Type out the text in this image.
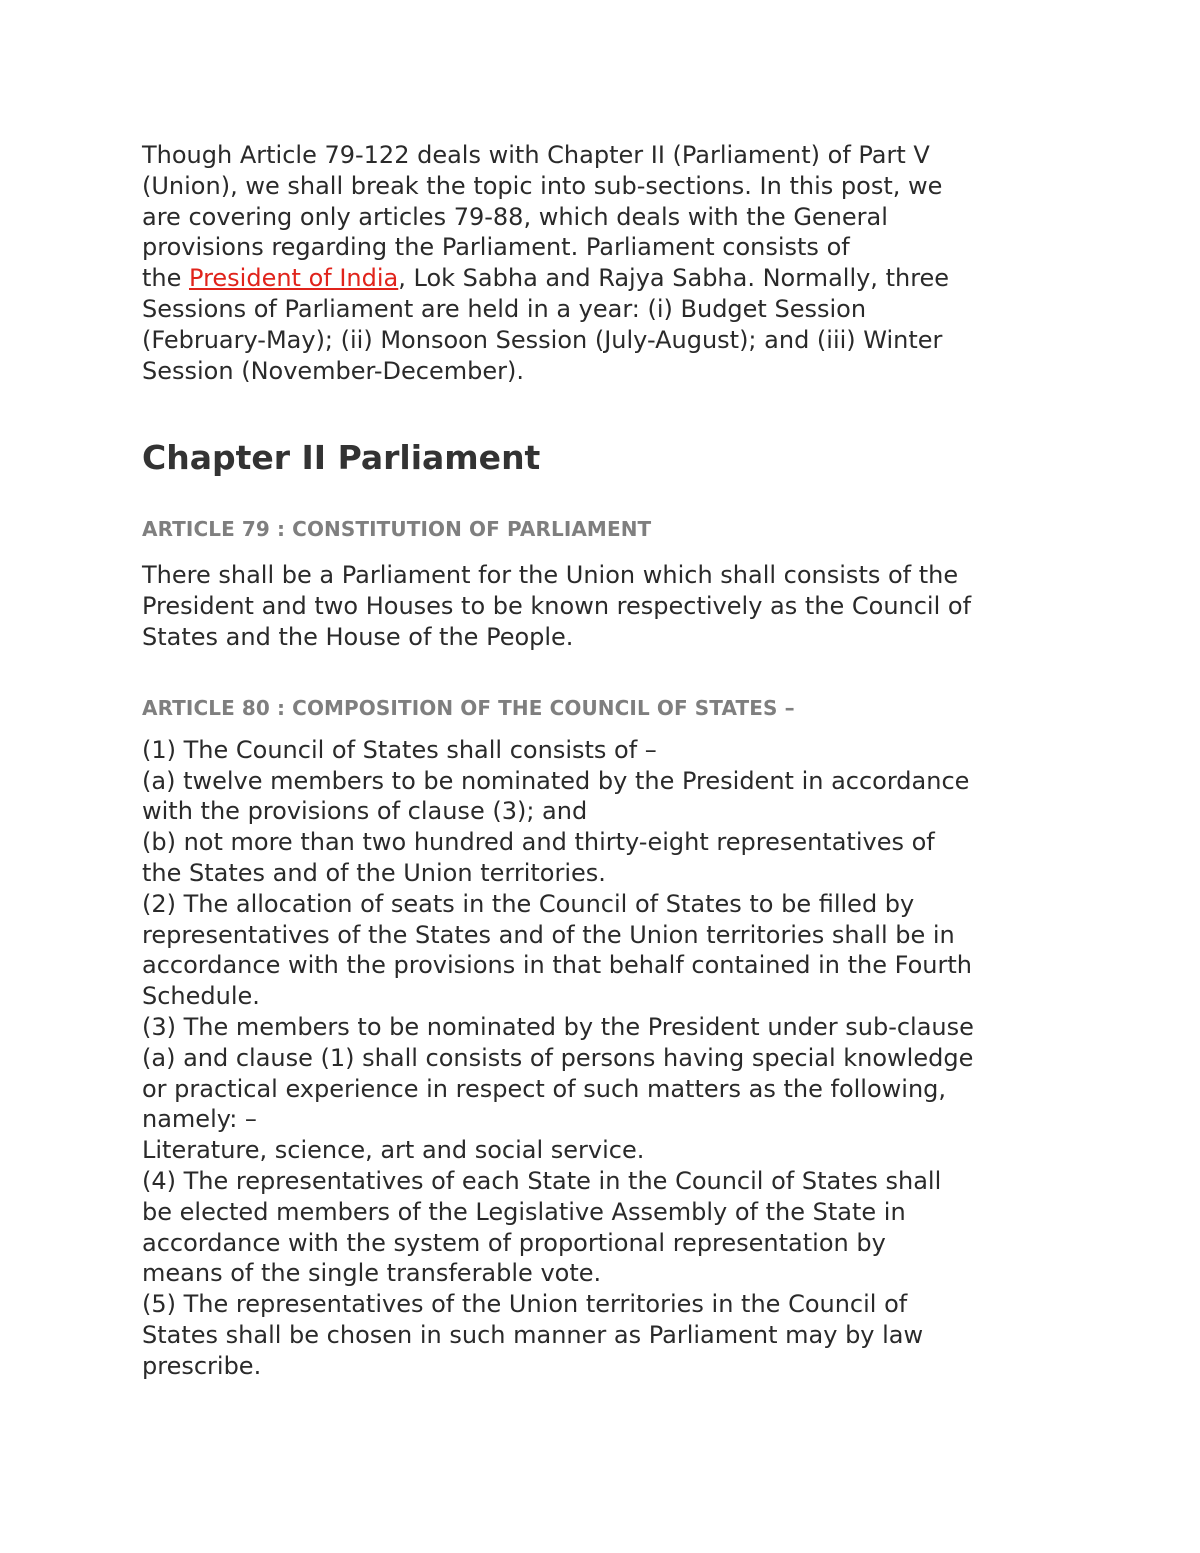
Though Article 79-122 deals with Chapter II (Parliament) of Part V

(Union), we shall break the topic into sub-sections. In this post, we

are covering only articles 79-88, which deals with the General

provisions regarding the Parliament. Parliament consists of

the President of India, Lok Sabha and Rajya Sabha. Normally, three

Sessions of Parliament are held in a year: (i) Budget Session

(February-May); (ii) Monsoon Session (July-August); and (iii) Winter

Session (November-December).

Chapter II Parliament
ARTICLE 79 : CONSTITUTION OF PARLIAMENT

There shall be a Parliament for the Union which shall consists of the

President and two Houses to be known respectively as the Council of

States and the House of the People.

ARTICLE 80 : COMPOSITION OF THE COUNCIL OF STATES –

(1) The Council of States shall consists of –

(a) twelve members to be nominated by the President in accordance

with the provisions of clause (3); and

(b) not more than two hundred and thirty-eight representatives of

the States and of the Union territories.

(2) The allocation of seats in the Council of States to be filled by

representatives of the States and of the Union territories shall be in

accordance with the provisions in that behalf contained in the Fourth

Schedule.

(3) The members to be nominated by the President under sub-clause

(a) and clause (1) shall consists of persons having special knowledge

or practical experience in respect of such matters as the following,

namely: –

Literature, science, art and social service.

(4) The representatives of each State in the Council of States shall

be elected members of the Legislative Assembly of the State in

accordance with the system of proportional representation by

means of the single transferable vote.

(5) The representatives of the Union territories in the Council of

States shall be chosen in such manner as Parliament may by law

prescribe.
